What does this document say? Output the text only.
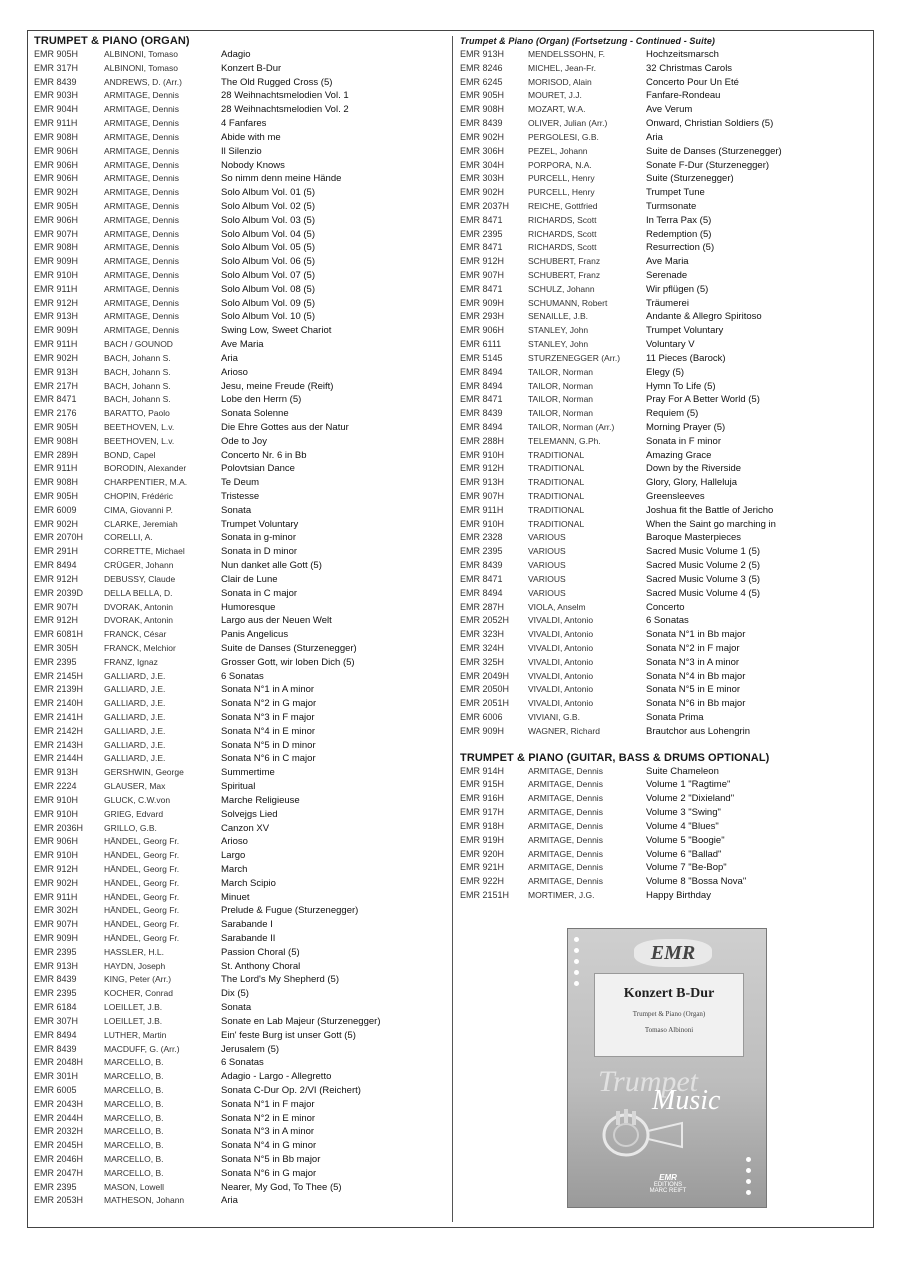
TRUMPET & PIANO (ORGAN)
EMR 905H	ALBINONI, Tomaso	Adagio
EMR 317H	ALBINONI, Tomaso	Konzert B-Dur
EMR 8439	ANDREWS, D. (Arr.)	The Old Rugged Cross (5)
EMR 903H	ARMITAGE, Dennis	28 Weihnachtsmelodien Vol. 1
EMR 904H	ARMITAGE, Dennis	28 Weihnachtsmelodien Vol. 2
EMR 911H	ARMITAGE, Dennis	4 Fanfares
EMR 908H	ARMITAGE, Dennis	Abide with me
EMR 906H	ARMITAGE, Dennis	Il Silenzio
EMR 906H	ARMITAGE, Dennis	Nobody Knows
EMR 906H	ARMITAGE, Dennis	So nimm denn meine Hände
EMR 902H	ARMITAGE, Dennis	Solo Album Vol. 01 (5)
EMR 905H	ARMITAGE, Dennis	Solo Album Vol. 02 (5)
EMR 906H	ARMITAGE, Dennis	Solo Album Vol. 03 (5)
EMR 907H	ARMITAGE, Dennis	Solo Album Vol. 04 (5)
EMR 908H	ARMITAGE, Dennis	Solo Album Vol. 05 (5)
EMR 909H	ARMITAGE, Dennis	Solo Album Vol. 06 (5)
EMR 910H	ARMITAGE, Dennis	Solo Album Vol. 07 (5)
EMR 911H	ARMITAGE, Dennis	Solo Album Vol. 08 (5)
EMR 912H	ARMITAGE, Dennis	Solo Album Vol. 09 (5)
EMR 913H	ARMITAGE, Dennis	Solo Album Vol. 10 (5)
EMR 909H	ARMITAGE, Dennis	Swing Low, Sweet Chariot
EMR 911H	BACH / GOUNOD	Ave Maria
EMR 902H	BACH, Johann S.	Aria
EMR 913H	BACH, Johann S.	Arioso
EMR 217H	BACH, Johann S.	Jesu, meine Freude (Reift)
EMR 8471	BACH, Johann S.	Lobe den Herrn (5)
EMR 2176	BARATTO, Paolo	Sonata Solenne
EMR 905H	BEETHOVEN, L.v.	Die Ehre Gottes aus der Natur
EMR 908H	BEETHOVEN, L.v.	Ode to Joy
EMR 289H	BOND, Capel	Concerto Nr. 6 in Bb
EMR 911H	BORODIN, Alexander	Polovtsian Dance
EMR 908H	CHARPENTIER, M.A.	Te Deum
EMR 905H	CHOPIN, Frédéric	Tristesse
EMR 6009	CIMA, Giovanni P.	Sonata
EMR 902H	CLARKE, Jeremiah	Trumpet Voluntary
EMR 2070H	CORELLI, A.	Sonata in g-minor
EMR 291H	CORRETTE, Michael	Sonata in D minor
EMR 8494	CRÜGER, Johann	Nun danket alle Gott (5)
EMR 912H	DEBUSSY, Claude	Clair de Lune
EMR 2039D	DELLA BELLA, D.	Sonata in C major
EMR 907H	DVORAK, Antonin	Humoresque
EMR 912H	DVORAK, Antonin	Largo aus der Neuen Welt
EMR 6081H	FRANCK, César	Panis Angelicus
EMR 305H	FRANCK, Melchior	Suite de Danses (Sturzenegger)
EMR 2395	FRANZ, Ignaz	Grosser Gott, wir loben Dich (5)
EMR 2145H	GALLIARD, J.E.	6 Sonatas
EMR 2139H	GALLIARD, J.E.	Sonata N°1 in A minor
EMR 2140H	GALLIARD, J.E.	Sonata N°2 in G major
EMR 2141H	GALLIARD, J.E.	Sonata N°3 in F major
EMR 2142H	GALLIARD, J.E.	Sonata N°4 in E minor
EMR 2143H	GALLIARD, J.E.	Sonata N°5 in D minor
EMR 2144H	GALLIARD, J.E.	Sonata N°6 in C major
EMR 913H	GERSHWIN, George	Summertime
EMR 2224	GLAUSER, Max	Spiritual
EMR 910H	GLUCK, C.W.von	Marche Religieuse
EMR 910H	GRIEG, Edvard	Solvejgs Lied
EMR 2036H	GRILLO, G.B.	Canzon XV
EMR 906H	HÄNDEL, Georg Fr.	Arioso
EMR 910H	HÄNDEL, Georg Fr.	Largo
EMR 912H	HÄNDEL, Georg Fr.	March
EMR 902H	HÄNDEL, Georg Fr.	March Scipio
EMR 911H	HÄNDEL, Georg Fr.	Minuet
EMR 302H	HÄNDEL, Georg Fr.	Prelude & Fugue (Sturzenegger)
EMR 907H	HÄNDEL, Georg Fr.	Sarabande I
EMR 909H	HÄNDEL, Georg Fr.	Sarabande II
EMR 2395	HASSLER, H.L.	Passion Choral (5)
EMR 913H	HAYDN, Joseph	St. Anthony Choral
EMR 8439	KING, Peter (Arr.)	The Lord's My Shepherd (5)
EMR 2395	KOCHER, Conrad	Dix (5)
EMR 6184	LOEILLET, J.B.	Sonata
EMR 307H	LOEILLET, J.B.	Sonate en Lab Majeur (Sturzenegger)
EMR 8494	LUTHER, Martin	Ein' feste Burg ist unser Gott (5)
EMR 8439	MACDUFF, G. (Arr.)	Jerusalem (5)
EMR 2048H	MARCELLO, B.	6 Sonatas
EMR 301H	MARCELLO, B.	Adagio - Largo - Allegretto
EMR 6005	MARCELLO, B.	Sonata C-Dur Op. 2/VI (Reichert)
EMR 2043H	MARCELLO, B.	Sonata N°1 in F major
EMR 2044H	MARCELLO, B.	Sonata N°2 in E minor
EMR 2032H	MARCELLO, B.	Sonata N°3 in A minor
EMR 2045H	MARCELLO, B.	Sonata N°4 in G minor
EMR 2046H	MARCELLO, B.	Sonata N°5 in Bb major
EMR 2047H	MARCELLO, B.	Sonata N°6 in G major
EMR 2395	MASON, Lowell	Nearer, My God, To Thee (5)
EMR 2053H	MATHESON, Johann	Aria
Trumpet & Piano (Organ) (Fortsetzung - Continued - Suite)
EMR 913H	MENDELSSOHN, F.	Hochzeitsmarsch
EMR 8246	MICHEL, Jean-Fr.	32 Christmas Carols
EMR 6245	MORISOD, Alain	Concerto Pour Un Eté
EMR 905H	MOURET, J.J.	Fanfare-Rondeau
EMR 908H	MOZART, W.A.	Ave Verum
EMR 8439	OLIVER, Julian (Arr.)	Onward, Christian Soldiers (5)
EMR 902H	PERGOLESI, G.B.	Aria
EMR 306H	PEZEL, Johann	Suite de Danses (Sturzenegger)
EMR 304H	PORPORA, N.A.	Sonate F-Dur (Sturzenegger)
EMR 303H	PURCELL, Henry	Suite (Sturzenegger)
EMR 902H	PURCELL, Henry	Trumpet Tune
EMR 2037H	REICHE, Gottfried	Turmsonate
EMR 8471	RICHARDS, Scott	In Terra Pax (5)
EMR 2395	RICHARDS, Scott	Redemption (5)
EMR 8471	RICHARDS, Scott	Resurrection (5)
EMR 912H	SCHUBERT, Franz	Ave Maria
EMR 907H	SCHUBERT, Franz	Serenade
EMR 8471	SCHULZ, Johann	Wir pflügen (5)
EMR 909H	SCHUMANN, Robert	Träumerei
EMR 293H	SENAILLE, J.B.	Andante & Allegro Spiritoso
EMR 906H	STANLEY, John	Trumpet Voluntary
EMR 6111	STANLEY, John	Voluntary V
EMR 5145	STURZENEGGER (Arr.)	11 Pieces (Barock)
EMR 8494	TAILOR, Norman	Elegy (5)
EMR 8494	TAILOR, Norman	Hymn To Life (5)
EMR 8471	TAILOR, Norman	Pray For A Better World (5)
EMR 8439	TAILOR, Norman	Requiem (5)
EMR 8494	TAILOR, Norman (Arr.)	Morning Prayer (5)
EMR 288H	TELEMANN, G.Ph.	Sonata in F minor
EMR 910H	TRADITIONAL	Amazing Grace
EMR 912H	TRADITIONAL	Down by the Riverside
EMR 913H	TRADITIONAL	Glory, Glory, Halleluja
EMR 907H	TRADITIONAL	Greensleeves
EMR 911H	TRADITIONAL	Joshua fit the Battle of Jericho
EMR 910H	TRADITIONAL	When the Saint go marching in
EMR 2328	VARIOUS	Baroque Masterpieces
EMR 2395	VARIOUS	Sacred Music Volume 1 (5)
EMR 8439	VARIOUS	Sacred Music Volume 2 (5)
EMR 8471	VARIOUS	Sacred Music Volume 3 (5)
EMR 8494	VARIOUS	Sacred Music Volume 4 (5)
EMR 287H	VIOLA, Anselm	Concerto
EMR 2052H	VIVALDI, Antonio	6 Sonatas
EMR 323H	VIVALDI, Antonio	Sonata N°1 in Bb major
EMR 324H	VIVALDI, Antonio	Sonata N°2 in F major
EMR 325H	VIVALDI, Antonio	Sonata N°3 in A minor
EMR 2049H	VIVALDI, Antonio	Sonata N°4 in Bb major
EMR 2050H	VIVALDI, Antonio	Sonata N°5 in E minor
EMR 2051H	VIVALDI, Antonio	Sonata N°6 in Bb major
EMR 6006	VIVIANI, G.B.	Sonata Prima
EMR 909H	WAGNER, Richard	Brautchor aus Lohengrin
TRUMPET & PIANO (GUITAR, BASS & DRUMS OPTIONAL)
EMR 914H	ARMITAGE, Dennis	Suite Chameleon
EMR 915H	ARMITAGE, Dennis	Volume 1 "Ragtime"
EMR 916H	ARMITAGE, Dennis	Volume 2 "Dixieland"
EMR 917H	ARMITAGE, Dennis	Volume 3 "Swing"
EMR 918H	ARMITAGE, Dennis	Volume 4 "Blues"
EMR 919H	ARMITAGE, Dennis	Volume 5 "Boogie"
EMR 920H	ARMITAGE, Dennis	Volume 6 "Ballad"
EMR 921H	ARMITAGE, Dennis	Volume 7 "Be-Bop"
EMR 922H	ARMITAGE, Dennis	Volume 8 "Bossa Nova"
EMR 2151H	MORTIMER, J.G.	Happy Birthday
EMR
Konzert B-Dur
Trumpet & Piano (Organ)
Tomaso Albinoni
Trumpet
Music
EMR
EDITIONS MARC REIFT
